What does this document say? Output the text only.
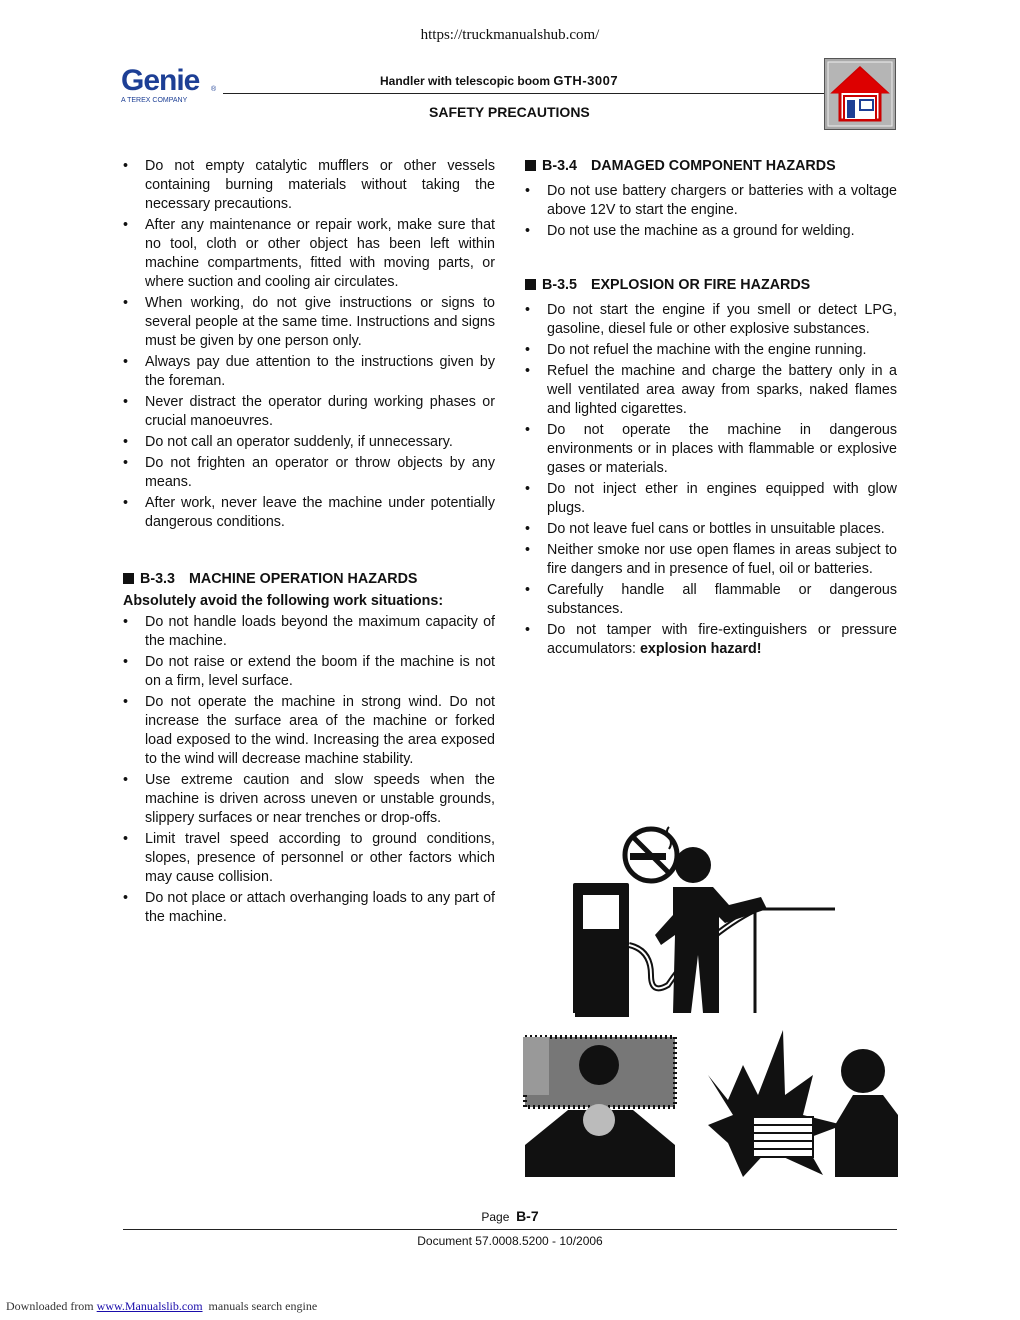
https://truckmanualshub.com/
Genie	®
A TEREX COMPANY
Handler with telescopic boom GTH-3007
SAFETY PRECAUTIONS
• Do not empty catalytic mufflers or other vessels containing burning materials without taking the necessary precautions.
• After any maintenance or repair work, make sure that no tool, cloth or other object has been left within machine compartments, fitted with moving parts, or where suction and cooling air circulates.
• When working, do not give instructions or signs to several people at the same time. Instructions and signs must be given by one person only.
• Always pay due attention to the instructions given by the foreman.
• Never distract the operator during working phases or crucial manoeuvres.
• Do not call an operator suddenly, if unnecessary.
• Do not frighten an operator or throw objects by any means.
• After work, never leave the machine under potentially dangerous conditions.
B-3.3 MACHINE OPERATION HAZARDS
Absolutely avoid the following work situations:
• Do not handle loads beyond the maximum capacity of the machine.
• Do not raise or extend the boom if the machine is not on a firm, level surface.
• Do not operate the machine in strong wind. Do not increase the surface area of the machine or forked load exposed to the wind. Increasing the area exposed to the wind will decrease machine stability.
• Use extreme caution and slow speeds when the machine is driven across uneven or unstable grounds, slippery surfaces or near trenches or drop-offs.
• Limit travel speed according to ground conditions, slopes, presence of personnel or other factors which may cause collision.
• Do not place or attach overhanging loads to any part of the machine.
B-3.4 DAMAGED COMPONENT HAZARDS
• Do not use battery chargers or batteries with a voltage above 12V to start the engine.
• Do not use the machine as a ground for welding.
B-3.5 EXPLOSION OR FIRE HAZARDS
• Do not start the engine if you smell or detect LPG, gasoline, diesel fule or other explosive substances.
• Do not refuel the machine with the engine running.
• Refuel the machine and charge the battery only in a well ventilated area away from sparks, naked flames and lighted cigarettes.
• Do not operate the machine in dangerous environments or in places with flammable or explosive gases or materials.
• Do not inject ether in engines equipped with glow plugs.
• Do not leave fuel cans or bottles in unsuitable places.
• Neither smoke nor use open flames in areas subject to fire dangers and in presence of fuel, oil or batteries.
• Carefully handle all flammable or dangerous substances.
• Do not tamper with fire-extinguishers or pressure accumulators: explosion hazard!
Page B-7
Document 57.0008.5200 - 10/2006
Downloaded from www.Manualslib.com manuals search engine
